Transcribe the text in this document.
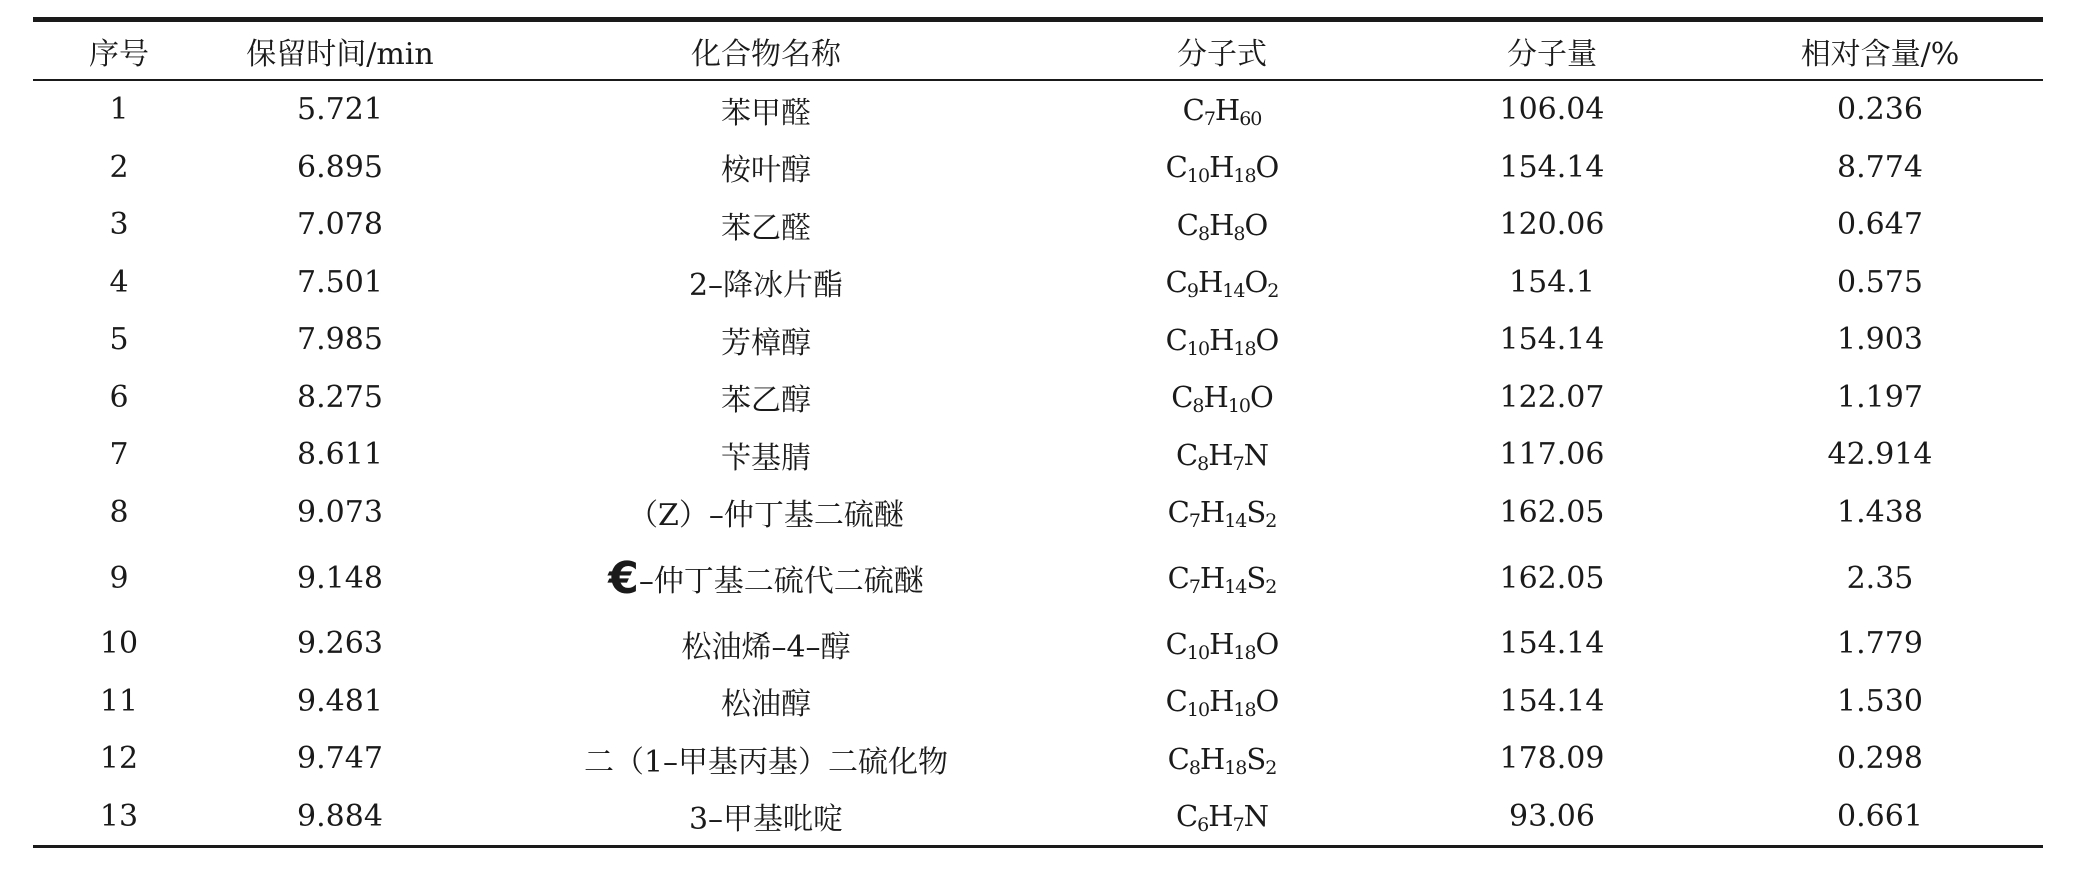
序号	保留时间/min	化合物名称	分子式	分子量	相对含量/%
1	5.721	苯甲醛	$C_7H_{60}$	106.04	0.236
2	6.895	桉叶醇	$C_{10}H_{18}O$	154.14	8.774
3	7.078	苯乙醛	$C_8H_8O$	120.06	0.647
4	7.501	2–降冰片酯	$C_9H_{14}O_2$	154.1	0.575
5	7.985	芳樟醇	$C_{10}H_{18}O$	154.14	1.903
6	8.275	苯乙醇	$C_8H_{10}O$	122.07	1.197
7	8.611	苄基腈	$C_8H_7N$	117.06	42.914
8	9.073	（Z）–仲丁基二硫醚	$C_7H_{14}S_2$	162.05	1.438
9	9.148	€–仲丁基二硫代二硫醚	$C_7H_{14}S_2$	162.05	2.35
10	9.263	松油烯–4–醇	$C_{10}H_{18}O$	154.14	1.779
11	9.481	松油醇	$C_{10}H_{18}O$	154.14	1.530
12	9.747	二（1–甲基丙基）二硫化物	$C_8H_{18}S_2$	178.09	0.298
13	9.884	3–甲基吡啶	$C_6H_7N$	93.06	0.661
